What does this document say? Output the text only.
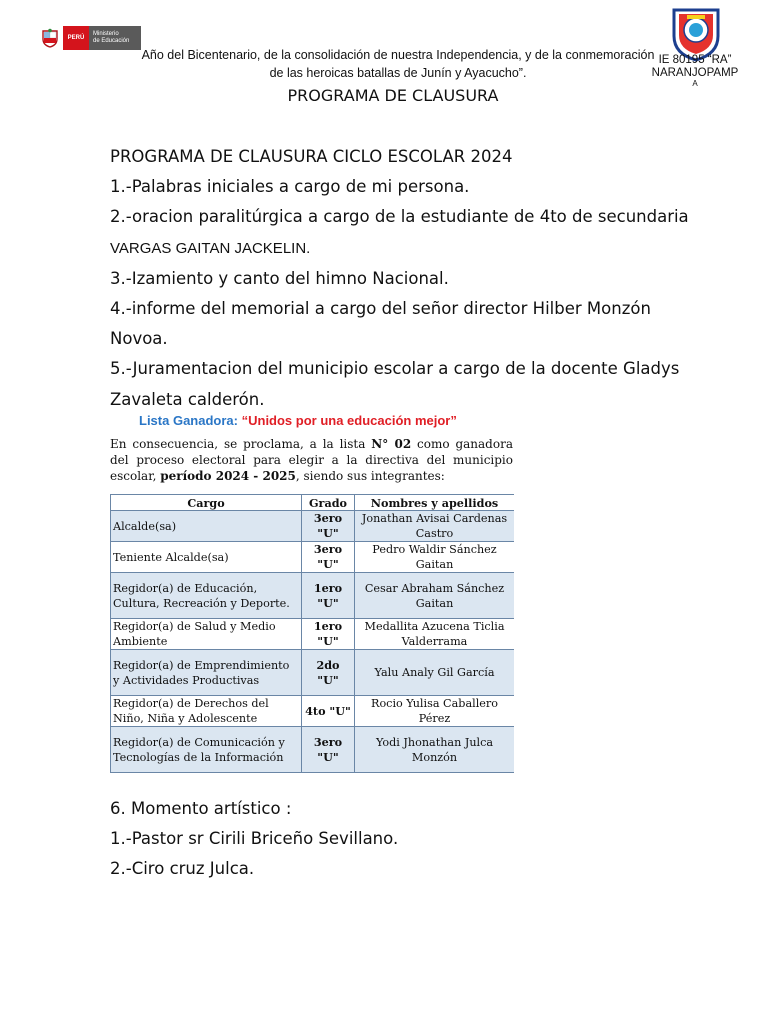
PERÚ
Ministerio
de Educación
Año del Bicentenario, de la consolidación de nuestra Independencia, y de la conmemoración
de las heroicas batallas de Junín y Ayacucho”.
IE 80195 “RA”
NARANJOPAMP
A
PROGRAMA DE CLAUSURA

PROGRAMA DE CLAUSURA CICLO ESCOLAR 2024

1.-Palabras iniciales a cargo de mi persona.

2.-oracion paralitúrgica a cargo de la estudiante de 4to de secundaria VARGAS GAITAN JACKELIN.

3.-Izamiento y canto del himno Nacional.

4.-informe del memorial a cargo del señor director Hilber Monzón Novoa.

5.-Juramentacion del municipio escolar a cargo de la docente Gladys Zavaleta calderón.

Lista Ganadora: “Unidos por una educación mejor”
En consecuencia, se proclama, a la lista N° 02 como ganadora del proceso electoral para elegir a la directiva del municipio escolar, período 2024 - 2025, siendo sus integrantes:
Cargo	Grado	Nombres y apellidos
Alcalde(sa)	3ero "U"	Jonathan Avisai Cardenas Castro
Teniente Alcalde(sa)	3ero "U"	Pedro Waldir Sánchez Gaitan
Regidor(a) de Educación, Cultura, Recreación y Deporte.	1ero "U"	Cesar Abraham Sánchez Gaitan
Regidor(a) de Salud y Medio Ambiente	1ero "U"	Medallita Azucena Ticlia Valderrama
Regidor(a) de Emprendimiento y Actividades Productivas	2do "U"	Yalu Analy Gil García
Regidor(a) de Derechos del Niño, Niña y Adolescente	4to "U"	Rocio Yulisa Caballero Pérez
Regidor(a) de Comunicación y Tecnologías de la Información	3ero "U"	Yodi Jhonathan Julca Monzón

6. Momento artístico :

1.-Pastor sr Cirili Briceño Sevillano.

2.-Ciro cruz Julca.
